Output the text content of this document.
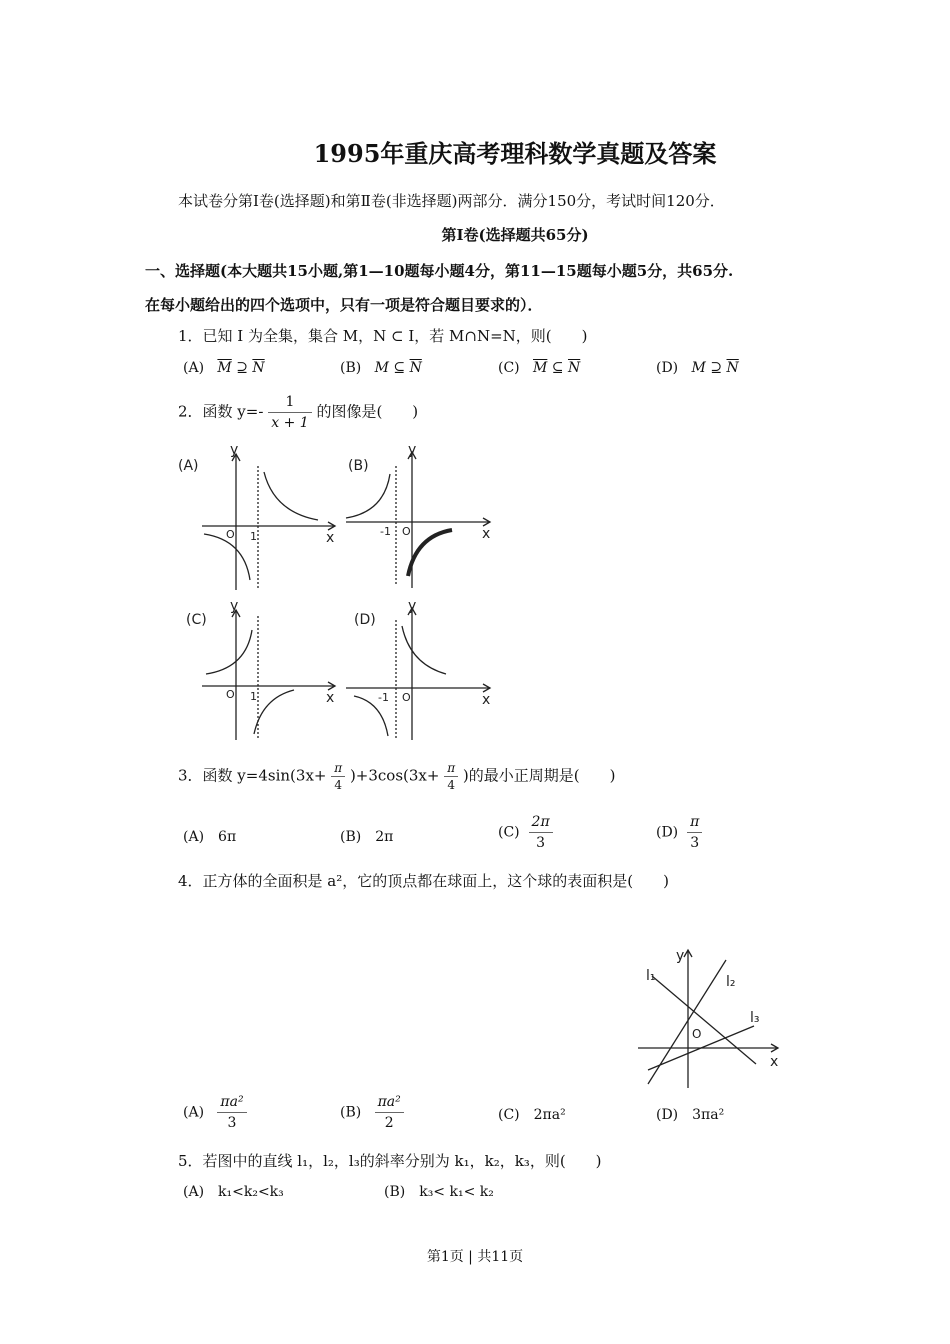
1995年重庆高考理科数学真题及答案
本试卷分第Ⅰ卷(选择题)和第Ⅱ卷(非选择题)两部分．满分150分，考试时间120分．
第Ⅰ卷(选择题共65分)
一、选择题(本大题共15小题,第1—10题每小题4分，第11—15题每小题5分，共65分.
在每小题给出的四个选项中，只有一项是符合题目要求的）．
1．已知 I 为全集，集合 M，N ⊂ I，若 M∩N=N，则(　　)
(A) $\overline{M}$ ⊇ $\overline{N}$	(B) M ⊆ $\overline{N}$	(C) $\overline{M}$ ⊆ $\overline{N}$	(D) M ⊇ $\overline{N}$
2．函数 $y=- \frac{1}{x + 1}$ 的图像是(　　)
(A)
y
x
O 1
(B)
y
x
O
-1
(C)
y
x
O 1
(D)
y
x
O
-1
3．函数 $y=4\sin(3x+ \frac{\pi}{4} )+3\cos(3x+ \frac{\pi}{4}$ )的最小正周期是(　　)
(A)　6π	(B)　2π	$(C) \frac{2\pi}{3}$	$(D) \frac{\pi}{3}$
4．正方体的全面积是 a²，它的顶点都在球面上，这个球的表面积是(　　)
y
x
O
l₁	l₂
l₃
$(A) \frac{\text{πa²}}{3}$	$(B) \frac{\text{πa²}}{2}$	(C)　2πa²	(D)　3πa²
5．若图中的直线 l₁，l₂，l₃的斜率分别为 k₁，k₂，k₃，则(　　)
(A)　k₁<k₂<k₃	(B)　k₃< k₁< k₂
第1页 | 共11页
